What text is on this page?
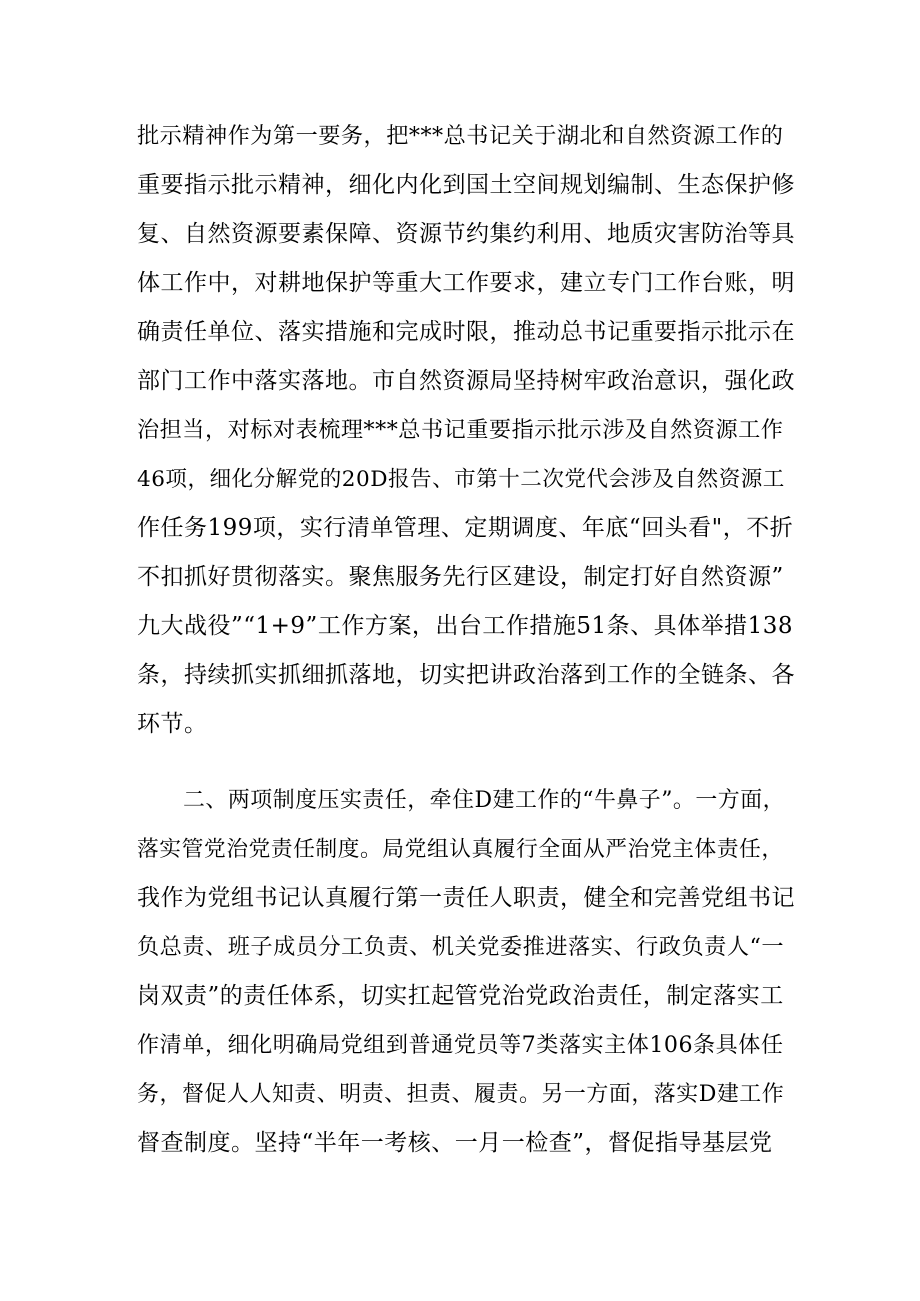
批示精神作为第一要务，把***总书记关于湖北和自然资源工作的
重要指示批示精神，细化内化到国土空间规划编制、生态保护修
复、自然资源要素保障、资源节约集约利用、地质灾害防治等具
体工作中，对耕地保护等重大工作要求，建立专门工作台账，明
确责任单位、落实措施和完成时限，推动总书记重要指示批示在
部门工作中落实落地。市自然资源局坚持树牢政治意识，强化政
治担当，对标对表梳理***总书记重要指示批示涉及自然资源工作
46项，细化分解党的20D报告、市第十二次党代会涉及自然资源工
作任务199项，实行清单管理、定期调度、年底“回头看"，不折
不扣抓好贯彻落实。聚焦服务先行区建设，制定打好自然资源”
九大战役”“1+9”工作方案，出台工作措施51条、具体举措138
条，持续抓实抓细抓落地，切实把讲政治落到工作的全链条、各
环节。
二、两项制度压实责任，牵住D建工作的“牛鼻子”。一方面，
落实管党治党责任制度。局党组认真履行全面从严治党主体责任，
我作为党组书记认真履行第一责任人职责，健全和完善党组书记
负总责、班子成员分工负责、机关党委推进落实、行政负责人“一
岗双责”的责任体系，切实扛起管党治党政治责任，制定落实工
作清单，细化明确局党组到普通党员等7类落实主体106条具体任
务，督促人人知责、明责、担责、履责。另一方面，落实D建工作
督查制度。坚持“半年一考核、一月一检查”，督促指导基层党
